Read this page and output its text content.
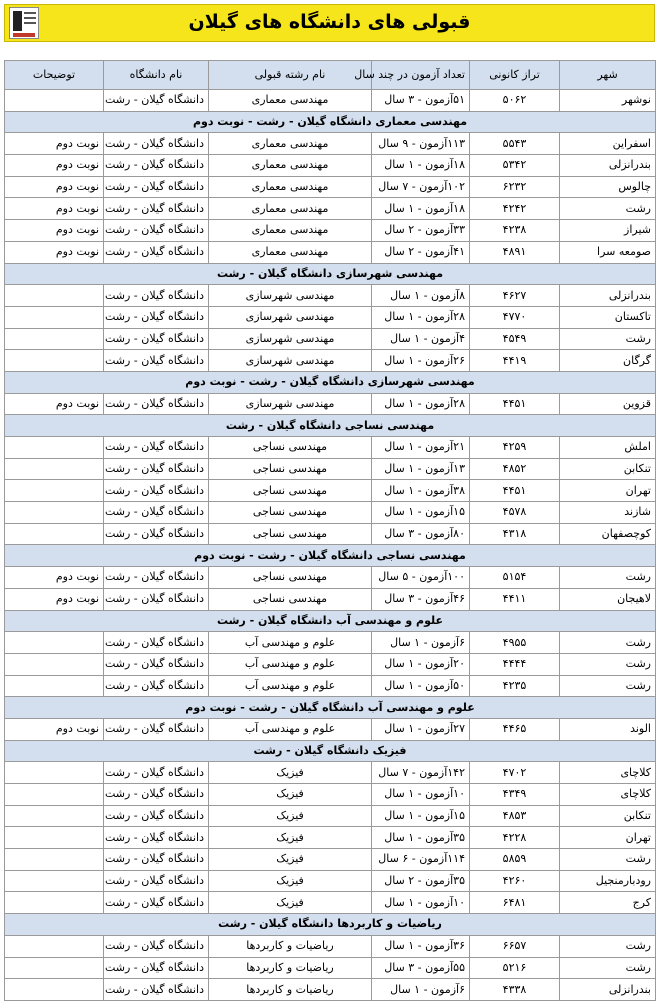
قبولی های دانشگاه های گیلان
شهر	تراز کانونی	تعداد آزمون در چند سال	نام رشته قبولی	نام دانشگاه	توضیحات
نوشهر	۵۰۶۲	۵۱آزمون - ۳ سال	مهندسی معماری	دانشگاه گیلان - رشت	
مهندسی معماری دانشگاه گیلان - رشت - نوبت دوم					
اسفراین	۵۵۴۳	۱۱۳آزمون - ۹ سال	مهندسی معماری	دانشگاه گیلان - رشت	نوبت دوم
بندرانزلی	۵۳۴۲	۱۸آزمون - ۱ سال	مهندسی معماری	دانشگاه گیلان - رشت	نوبت دوم
چالوس	۶۲۳۲	۱۰۲آزمون - ۷ سال	مهندسی معماری	دانشگاه گیلان - رشت	نوبت دوم
رشت	۴۲۴۲	۱۸آزمون - ۱ سال	مهندسی معماری	دانشگاه گیلان - رشت	نوبت دوم
شیراز	۴۲۳۸	۳۳آزمون - ۲ سال	مهندسی معماری	دانشگاه گیلان - رشت	نوبت دوم
صومعه سرا	۴۸۹۱	۴۱آزمون - ۲ سال	مهندسی معماری	دانشگاه گیلان - رشت	نوبت دوم
مهندسی شهرسازی دانشگاه گیلان - رشت					
بندرانزلی	۴۶۲۷	۸آزمون - ۱ سال	مهندسی شهرسازی	دانشگاه گیلان - رشت	
تاکستان	۴۷۷۰	۲۸آزمون - ۱ سال	مهندسی شهرسازی	دانشگاه گیلان - رشت	
رشت	۴۵۴۹	۴آزمون - ۱ سال	مهندسی شهرسازی	دانشگاه گیلان - رشت	
گرگان	۴۴۱۹	۲۶آزمون - ۱ سال	مهندسی شهرسازی	دانشگاه گیلان - رشت	
مهندسی شهرسازی دانشگاه گیلان - رشت - نوبت دوم					
قزوین	۴۴۵۱	۲۸آزمون - ۱ سال	مهندسی شهرسازی	دانشگاه گیلان - رشت	نوبت دوم
مهندسی نساجی دانشگاه گیلان - رشت					
املش	۴۲۵۹	۲۱آزمون - ۱ سال	مهندسی نساجی	دانشگاه گیلان - رشت	
تنکابن	۴۸۵۲	۱۳آزمون - ۱ سال	مهندسی نساجی	دانشگاه گیلان - رشت	
تهران	۴۴۵۱	۳۸آزمون - ۱ سال	مهندسی نساجی	دانشگاه گیلان - رشت	
شازند	۴۵۷۸	۱۵آزمون - ۱ سال	مهندسی نساجی	دانشگاه گیلان - رشت	
کوچصفهان	۴۳۱۸	۸۰آزمون - ۳ سال	مهندسی نساجی	دانشگاه گیلان - رشت	
مهندسی نساجی دانشگاه گیلان - رشت - نوبت دوم					
رشت	۵۱۵۴	۱۰۰آزمون - ۵ سال	مهندسی نساجی	دانشگاه گیلان - رشت	نوبت دوم
لاهیجان	۴۴۱۱	۴۶آزمون - ۳ سال	مهندسی نساجی	دانشگاه گیلان - رشت	نوبت دوم
علوم و مهندسی آب دانشگاه گیلان - رشت					
رشت	۴۹۵۵	۶آزمون - ۱ سال	علوم و مهندسی آب	دانشگاه گیلان - رشت	
رشت	۴۴۴۴	۲۰آزمون - ۱ سال	علوم و مهندسی آب	دانشگاه گیلان - رشت	
رشت	۴۲۳۵	۵۰آزمون - ۱ سال	علوم و مهندسی آب	دانشگاه گیلان - رشت	
علوم و مهندسی آب دانشگاه گیلان - رشت - نوبت دوم					
الوند	۴۴۶۵	۲۷آزمون - ۱ سال	علوم و مهندسی آب	دانشگاه گیلان - رشت	نوبت دوم
فیزیک دانشگاه گیلان - رشت					
کلاچای	۴۷۰۲	۱۴۲آزمون - ۷ سال	فیزیک	دانشگاه گیلان - رشت	
کلاچای	۴۳۴۹	۱۰آزمون - ۱ سال	فیزیک	دانشگاه گیلان - رشت	
تنکابن	۴۸۵۳	۱۵آزمون - ۱ سال	فیزیک	دانشگاه گیلان - رشت	
تهران	۴۲۲۸	۳۵آزمون - ۱ سال	فیزیک	دانشگاه گیلان - رشت	
رشت	۵۸۵۹	۱۱۴آزمون - ۶ سال	فیزیک	دانشگاه گیلان - رشت	
رودبارمنجیل	۴۲۶۰	۳۵آزمون - ۲ سال	فیزیک	دانشگاه گیلان - رشت	
کرج	۶۴۸۱	۱۰آزمون - ۱ سال	فیزیک	دانشگاه گیلان - رشت	
ریاضیات و کاربردها دانشگاه گیلان - رشت					
رشت	۶۶۵۷	۳۶آزمون - ۱ سال	ریاضیات و کاربردها	دانشگاه گیلان - رشت	
رشت	۵۲۱۶	۵۵آزمون - ۳ سال	ریاضیات و کاربردها	دانشگاه گیلان - رشت	
بندرانزلی	۴۳۳۸	۶آزمون - ۱ سال	ریاضیات و کاربردها	دانشگاه گیلان - رشت	
